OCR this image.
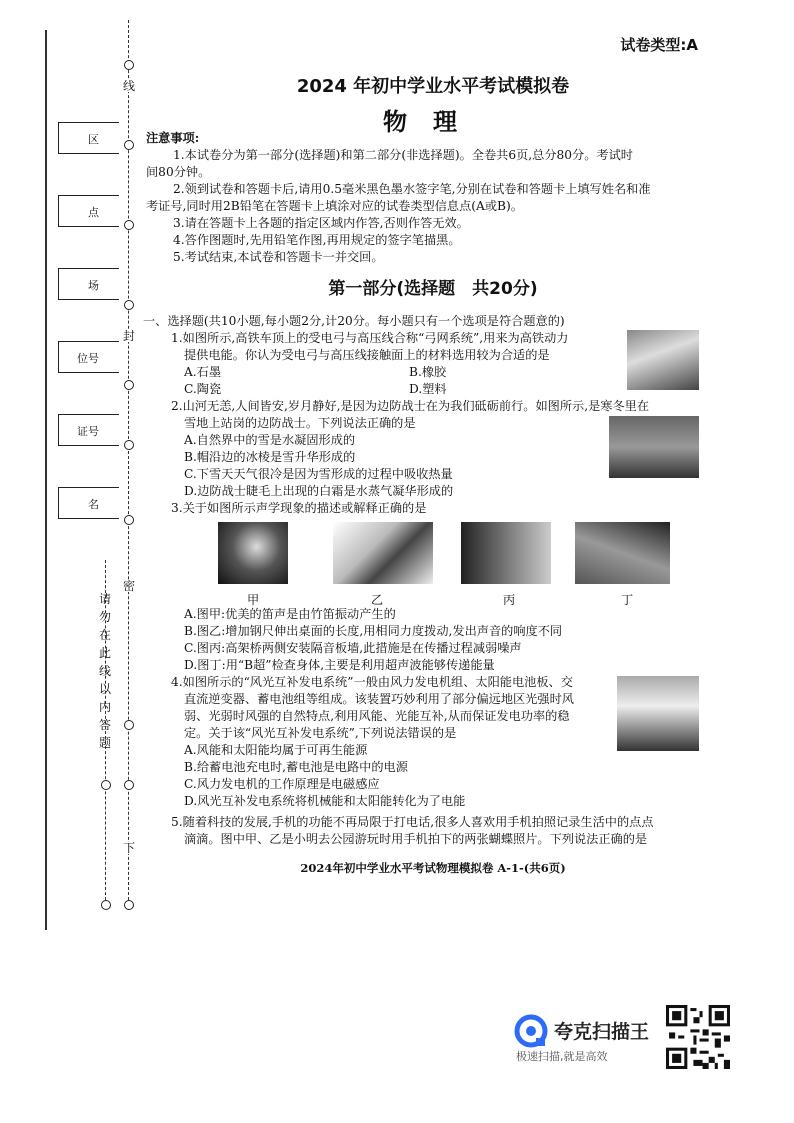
线
封
密
下
区
点
场
位号
证号
名
请勿在此线以内答题
试卷类型:A
2024 年初中学业水平考试模拟卷
物理
注意事项:
1.本试卷分为第一部分(选择题)和第二部分(非选择题)。全卷共6页,总分80分。考试时
间80分钟。
2.领到试卷和答题卡后,请用0.5毫米黑色墨水签字笔,分别在试卷和答题卡上填写姓名和准
考证号,同时用2B铅笔在答题卡上填涂对应的试卷类型信息点(A或B)。
3.请在答题卡上各题的指定区域内作答,否则作答无效。
4.答作图题时,先用铅笔作图,再用规定的签字笔描黑。
5.考试结束,本试卷和答题卡一并交回。
第一部分(选择题　共20分)
一、选择题(共10小题,每小题2分,计20分。每小题只有一个选项是符合题意的)
1.如图所示,高铁车顶上的受电弓与高压线合称“弓网系统”,用来为高铁动力
提供电能。你认为受电弓与高压线接触面上的材料选用较为合适的是
A.石墨	B.橡胶
C.陶瓷	D.塑料
2.山河无恙,人间皆安,岁月静好,是因为边防战士在为我们砥砺前行。如图所示,是寒冬里在
雪地上站岗的边防战士。下列说法正确的是
A.自然界中的雪是水凝固形成的
B.帽沿边的冰棱是雪升华形成的
C.下雪天天气很冷是因为雪形成的过程中吸收热量
D.边防战士睫毛上出现的白霜是水蒸气凝华形成的
3.关于如图所示声学现象的描述或解释正确的是
甲	乙	丙	丁
A.图甲:优美的笛声是由竹笛振动产生的
B.图乙:增加钢尺伸出桌面的长度,用相同力度拨动,发出声音的响度不同
C.图丙:高架桥两侧安装隔音板墙,此措施是在传播过程减弱噪声
D.图丁:用“B超”检查身体,主要是利用超声波能够传递能量
4.如图所示的“风光互补发电系统”一般由风力发电机组、太阳能电池板、交
直流逆变器、蓄电池组等组成。该装置巧妙利用了部分偏远地区光强时风
弱、光弱时风强的自然特点,利用风能、光能互补,从而保证发电功率的稳
定。关于该“风光互补发电系统”,下列说法错误的是
A.风能和太阳能均属于可再生能源
B.给蓄电池充电时,蓄电池是电路中的电源
C.风力发电机的工作原理是电磁感应
D.风光互补发电系统将机械能和太阳能转化为了电能
5.随着科技的发展,手机的功能不再局限于打电话,很多人喜欢用手机拍照记录生活中的点点
滴滴。图中甲、乙是小明去公园游玩时用手机拍下的两张蝴蝶照片。下列说法正确的是
2024年初中学业水平考试物理模拟卷 A-1-(共6页)
夸克扫描王
极速扫描,就是高效
